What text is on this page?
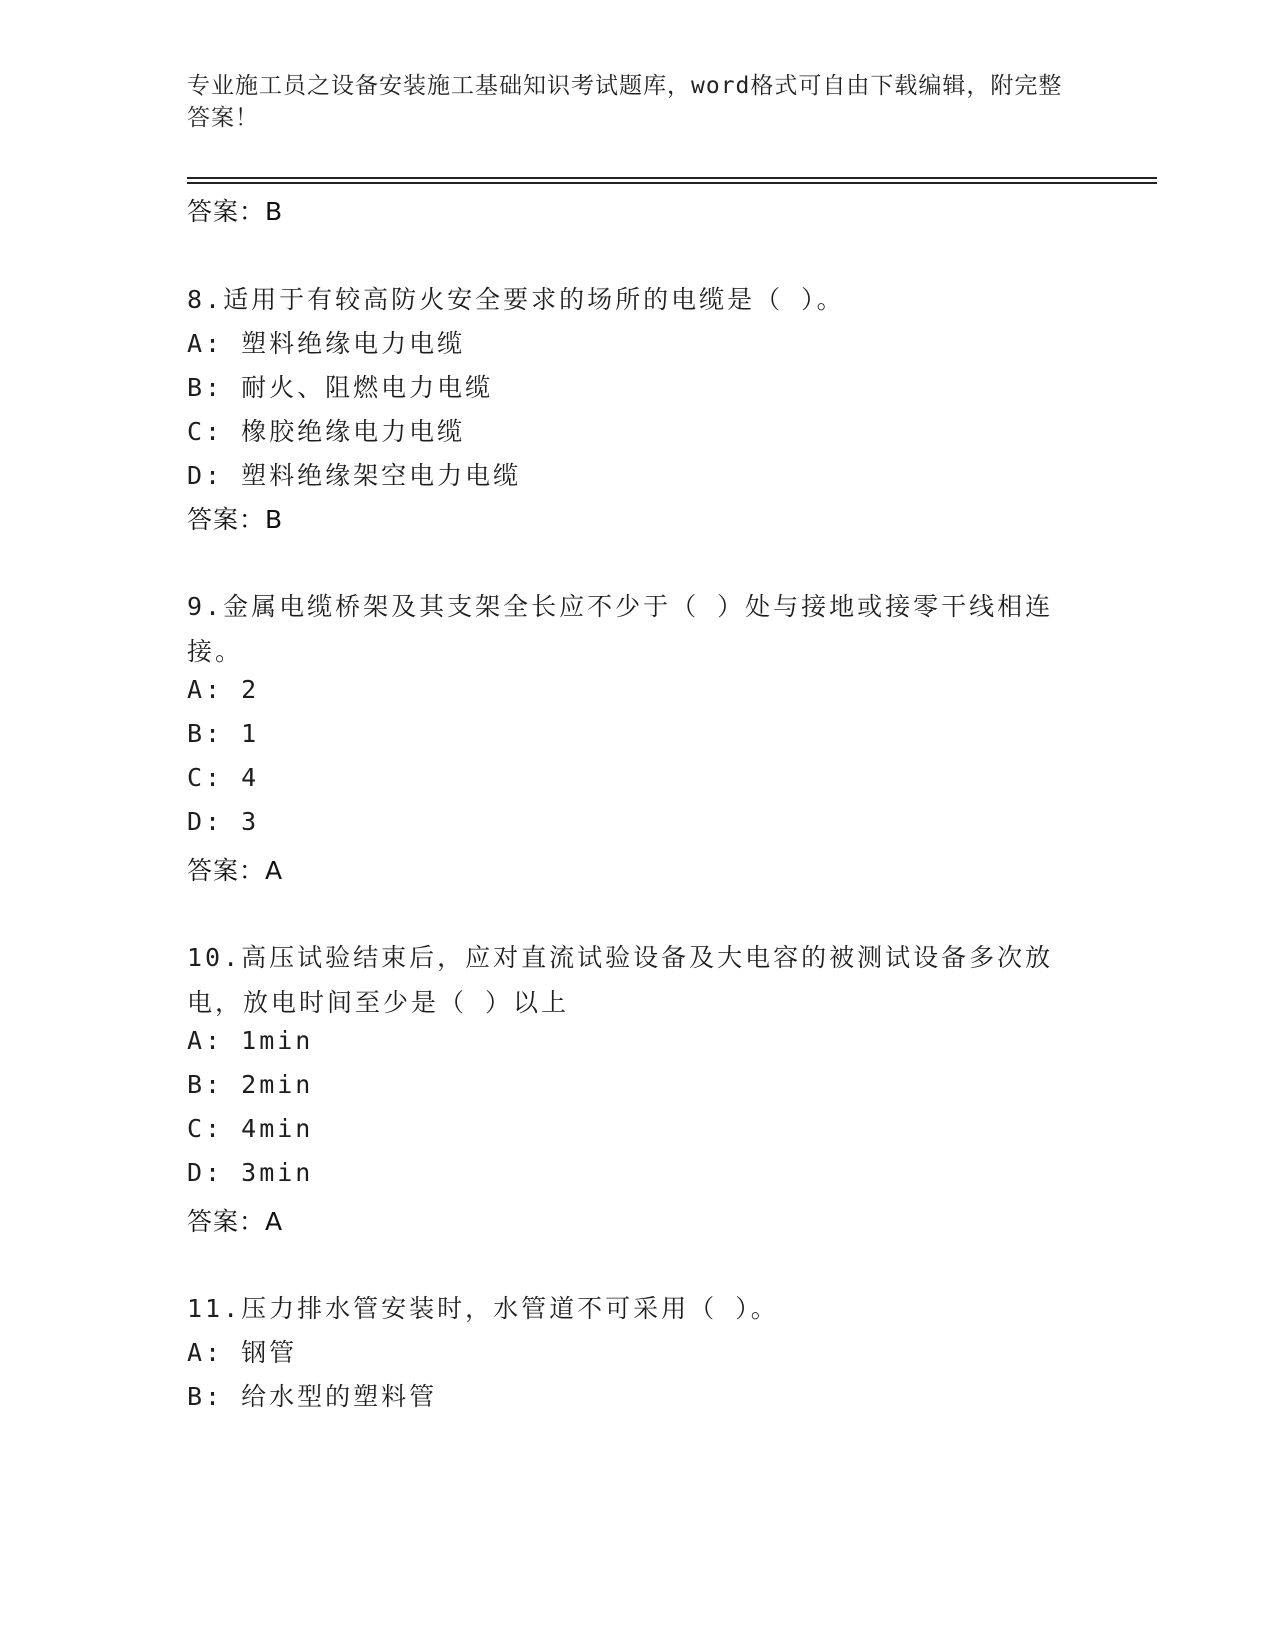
专业施工员之设备安装施工基础知识考试题库，word格式可自由下载编辑，附完整答案！
答案：B
8.适用于有较高防火安全要求的场所的电缆是（ ）。
A: 塑料绝缘电力电缆
B: 耐火、阻燃电力电缆
C: 橡胶绝缘电力电缆
D: 塑料绝缘架空电力电缆
答案：B
9.金属电缆桥架及其支架全长应不少于（ ）处与接地或接零干线相连接。
A: 2
B: 1
C: 4
D: 3
答案：A
10.高压试验结束后，应对直流试验设备及大电容的被测试设备多次放电，放电时间至少是（ ）以上
A: 1min
B: 2min
C: 4min
D: 3min
答案：A
11.压力排水管安装时，水管道不可采用（ ）。
A: 钢管
B: 给水型的塑料管
